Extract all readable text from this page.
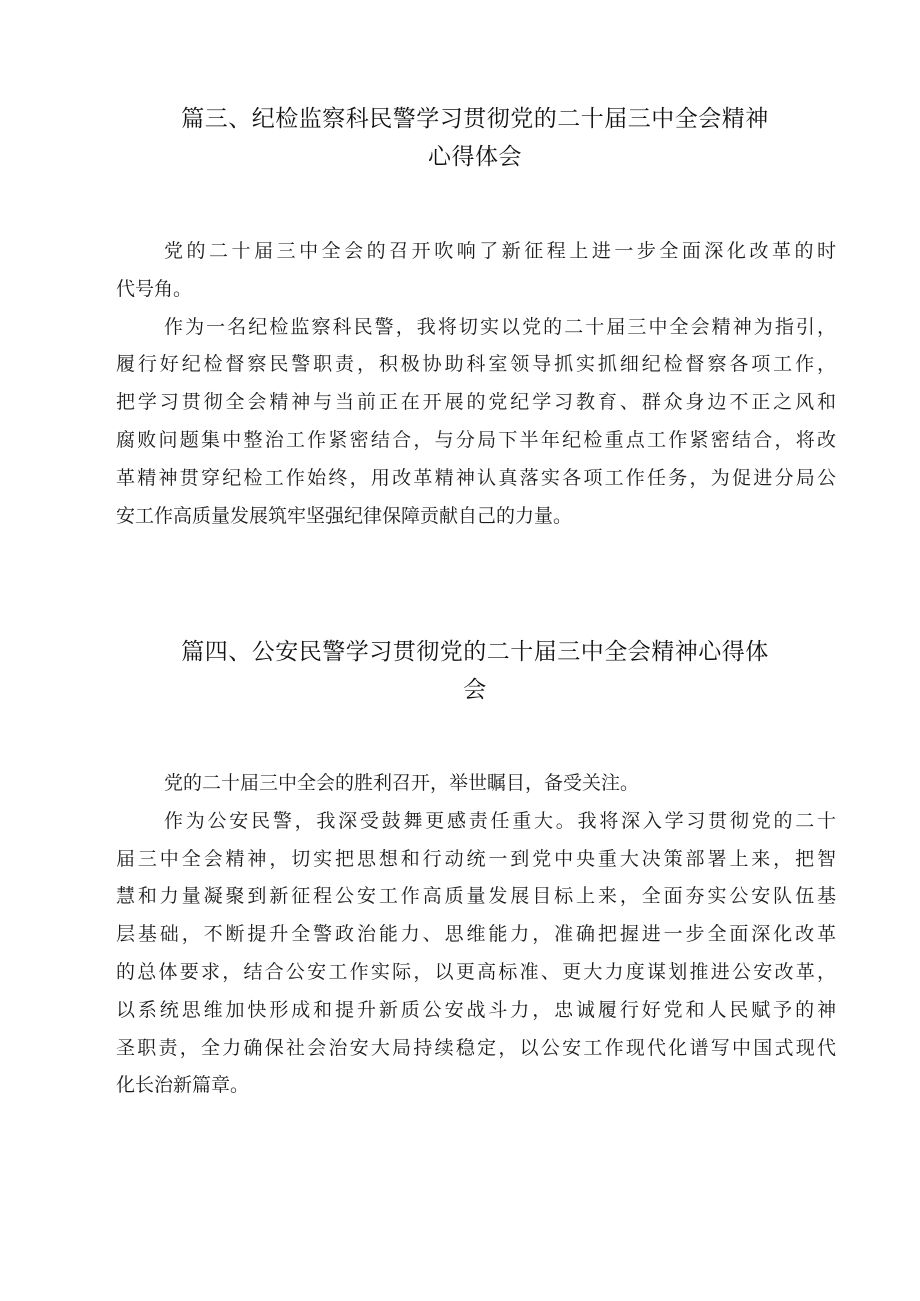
篇三、纪检监察科民警学习贯彻党的二十届三中全会精神
心得体会
党的二十届三中全会的召开吹响了新征程上进一步全面深化改革的时
代号角。
作为一名纪检监察科民警，我将切实以党的二十届三中全会精神为指引，
履行好纪检督察民警职责，积极协助科室领导抓实抓细纪检督察各项工作，
把学习贯彻全会精神与当前正在开展的党纪学习教育、群众身边不正之风和
腐败问题集中整治工作紧密结合，与分局下半年纪检重点工作紧密结合，将改
革精神贯穿纪检工作始终，用改革精神认真落实各项工作任务，为促进分局公
安工作高质量发展筑牢坚强纪律保障贡献自己的力量。
篇四、公安民警学习贯彻党的二十届三中全会精神心得体
会
党的二十届三中全会的胜利召开，举世瞩目，备受关注。
作为公安民警，我深受鼓舞更感责任重大。我将深入学习贯彻党的二十
届三中全会精神，切实把思想和行动统一到党中央重大决策部署上来，把智
慧和力量凝聚到新征程公安工作高质量发展目标上来，全面夯实公安队伍基
层基础，不断提升全警政治能力、思维能力，准确把握进一步全面深化改革
的总体要求，结合公安工作实际，以更高标准、更大力度谋划推进公安改革，
以系统思维加快形成和提升新质公安战斗力，忠诚履行好党和人民赋予的神
圣职责，全力确保社会治安大局持续稳定，以公安工作现代化谱写中国式现代
化长治新篇章。
